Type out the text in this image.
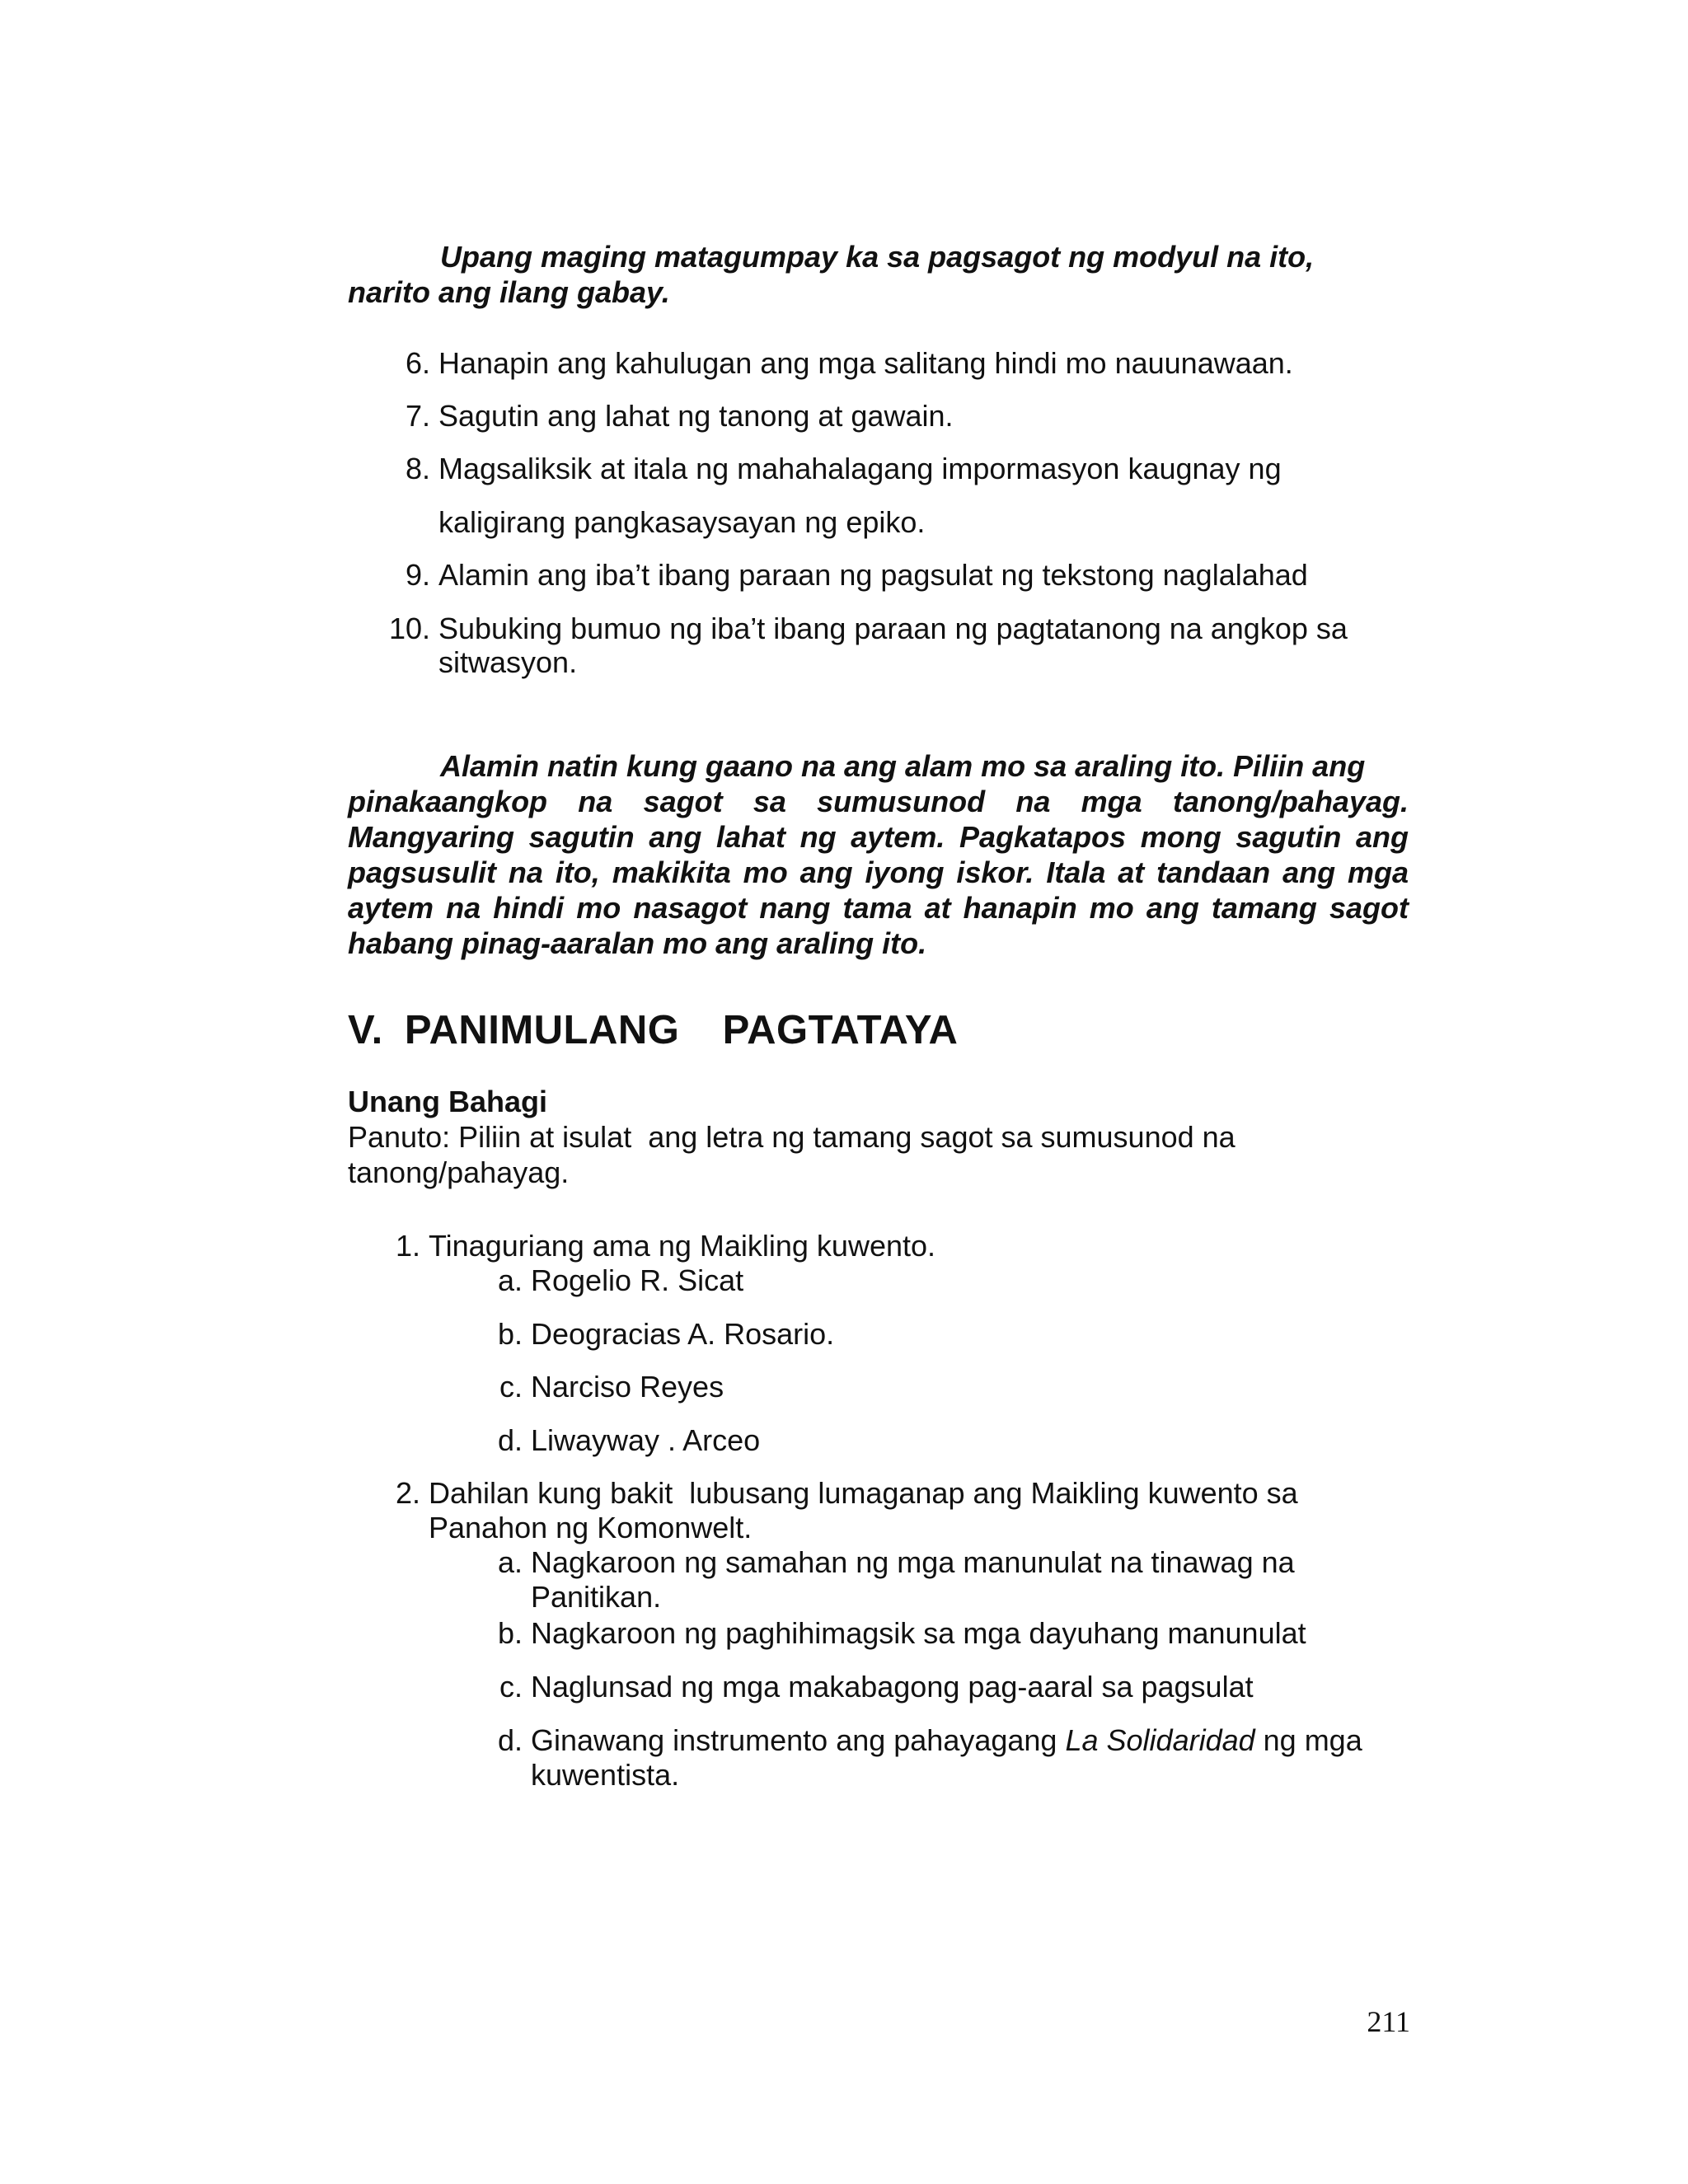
Upang maging matagumpay ka sa pagsagot ng modyul na ito,
narito ang ilang gabay.
6. Hanapin ang kahulugan ang mga salitang hindi mo nauunawaan.
7. Sagutin ang lahat ng tanong at gawain.
8. Magsaliksik at itala ng mahahalagang impormasyon kaugnay ng
kaligirang pangkasaysayan ng epiko.
9. Alamin ang iba’t ibang paraan ng pagsulat ng tekstong naglalahad
10. Subuking bumuo ng iba’t ibang paraan ng pagtatanong na angkop sa
sitwasyon.
Alamin natin kung gaano na ang alam mo sa araling ito. Piliin ang
pinakaangkop na sagot sa sumusunod na mga tanong/pahayag.
Mangyaring sagutin ang lahat ng aytem. Pagkatapos mong sagutin ang
pagsusulit na ito, makikita mo ang iyong iskor. Itala at tandaan ang mga
aytem na hindi mo nasagot nang tama at hanapin mo ang tamang sagot
habang pinag-aaralan mo ang araling ito.
V. PANIMULANG  PAGTATAYA
Unang Bahagi
Panuto: Piliin at isulat  ang letra ng tamang sagot sa sumusunod na
tanong/pahayag.
1. Tinaguriang ama ng Maikling kuwento.
a. Rogelio R. Sicat
b. Deogracias A. Rosario.
c. Narciso Reyes
d. Liwayway . Arceo
2. Dahilan kung bakit  lubusang lumaganap ang Maikling kuwento sa
Panahon ng Komonwelt.
a. Nagkaroon ng samahan ng mga manunulat na tinawag na
Panitikan.
b. Nagkaroon ng paghihimagsik sa mga dayuhang manunulat
c. Naglunsad ng mga makabagong pag-aaral sa pagsulat
d. Ginawang instrumento ang pahayagang La Solidaridad ng mga
kuwentista.
211
